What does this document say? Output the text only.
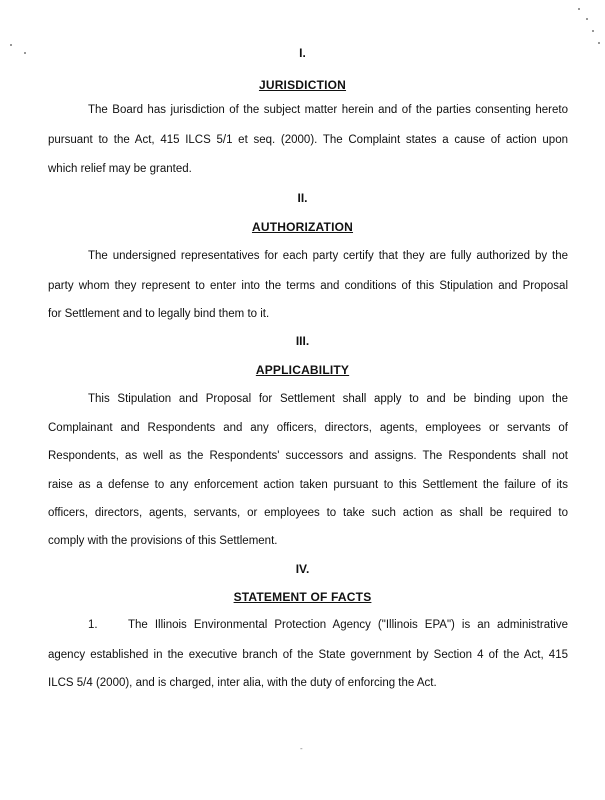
I.
JURISDICTION
The Board has jurisdiction of the subject matter herein and of the parties consenting hereto
pursuant to the Act, 415 ILCS 5/1 et seq. (2000). The Complaint states a cause of action upon
which relief may be granted.
II.
AUTHORIZATION
The undersigned representatives for each party certify that they are fully authorized by the
party whom they represent to enter into the terms and conditions of this Stipulation and Proposal
for Settlement and to legally bind them to it.
III.
APPLICABILITY
This Stipulation and Proposal for Settlement shall apply to and be binding upon the
Complainant and Respondents and any officers, directors, agents, employees or servants of
Respondents, as well as the Respondents' successors and assigns. The Respondents shall not
raise as a defense to any enforcement action taken pursuant to this Settlement the failure of its
officers, directors, agents, servants, or employees to take such action as shall be required to
comply with the provisions of this Settlement.
IV.
STATEMENT OF FACTS
1.	The Illinois Environmental Protection Agency ("Illinois EPA") is an administrative
agency established in the executive branch of the State government by Section 4 of the Act, 415
ILCS 5/4 (2000), and is charged, inter alia, with the duty of enforcing the Act.
-
